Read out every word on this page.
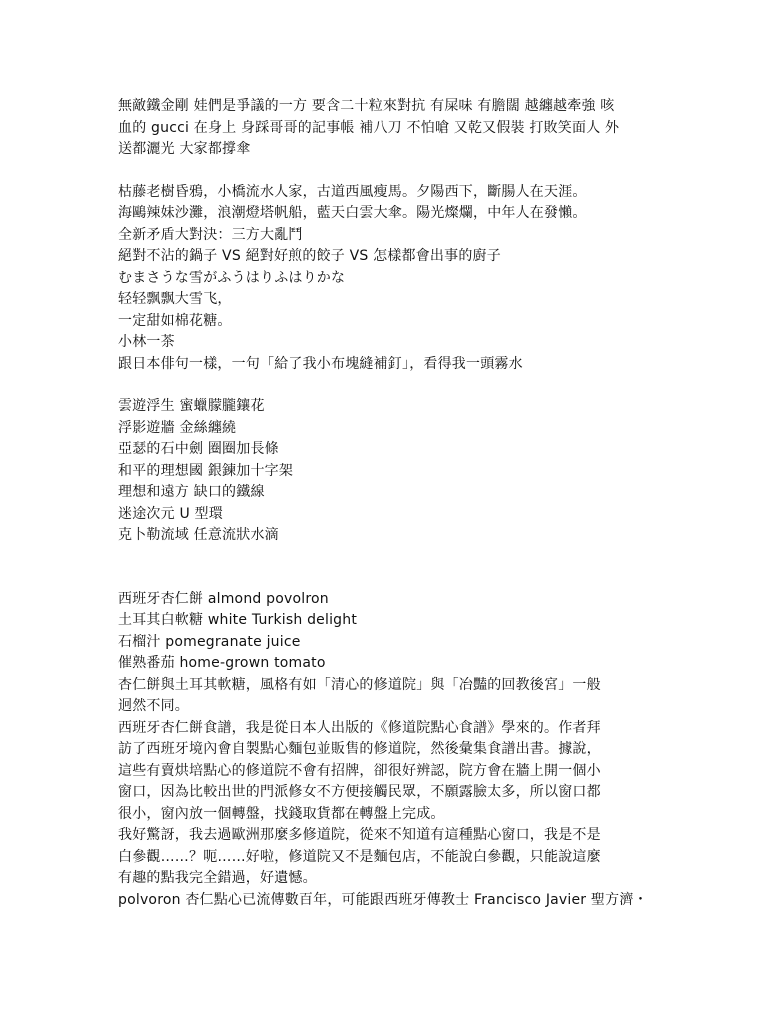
無敵鐵金剛 娃們是爭議的一方 要含二十粒來對抗 有屎味 有膽闊 越纏越牽強 咳
血的 gucci 在身上 身踩哥哥的記事帳 補八刀 不怕嗆 又乾又假裝 打敗笑面人 外
送都灑光 大家都撐傘
枯藤老樹昏鴉，小橋流水人家，古道西風瘦馬。夕陽西下，斷腸人在天涯。
海鷗辣妹沙灘，浪潮燈塔帆船，藍天白雲大傘。陽光燦爛，中年人在發懶。
全新矛盾大對決：三方大亂鬥
絕對不沾的鍋子 VS 絕對好煎的餃子 VS 怎樣都會出事的廚子
むまさうな雪がふうはりふはりかな
轻轻飘飘大雪飞，
一定甜如棉花糖。
小林一茶
跟日本俳句一樣，一句「給了我小布塊縫補釘」，看得我一頭霧水
雲遊浮生 蜜蠟朦朧鑲花
浮影遊牆 金絲纏繞
亞瑟的石中劍 圈圈加長條
和平的理想國 銀鍊加十字架
理想和遠方 缺口的鐵線
迷途次元 U 型環
克卜勒流域 任意流狀水滴
西班牙杏仁餅 almond povolron
土耳其白軟糖 white Turkish delight
石榴汁 pomegranate juice
催熟番茄 home-grown tomato
杏仁餅與土耳其軟糖，風格有如「清心的修道院」與「冶豔的回教後宮」一般
迥然不同。
西班牙杏仁餅食譜，我是從日本人出版的《修道院點心食譜》學來的。作者拜
訪了西班牙境內會自製點心麵包並販售的修道院，然後彙集食譜出書。據說，
這些有賣烘培點心的修道院不會有招牌，卻很好辨認，院方會在牆上開一個小
窗口，因為比較出世的門派修女不方便接觸民眾，不願露臉太多，所以窗口都
很小，窗內放一個轉盤，找錢取貨都在轉盤上完成。
我好驚訝，我去過歐洲那麼多修道院，從來不知道有這種點心窗口，我是不是
白參觀……？呃……好啦，修道院又不是麵包店，不能說白參觀，只能說這麼
有趣的點我完全錯過，好遺憾。
polvoron 杏仁點心已流傳數百年，可能跟西班牙傳教士 Francisco Javier 聖方濟・
